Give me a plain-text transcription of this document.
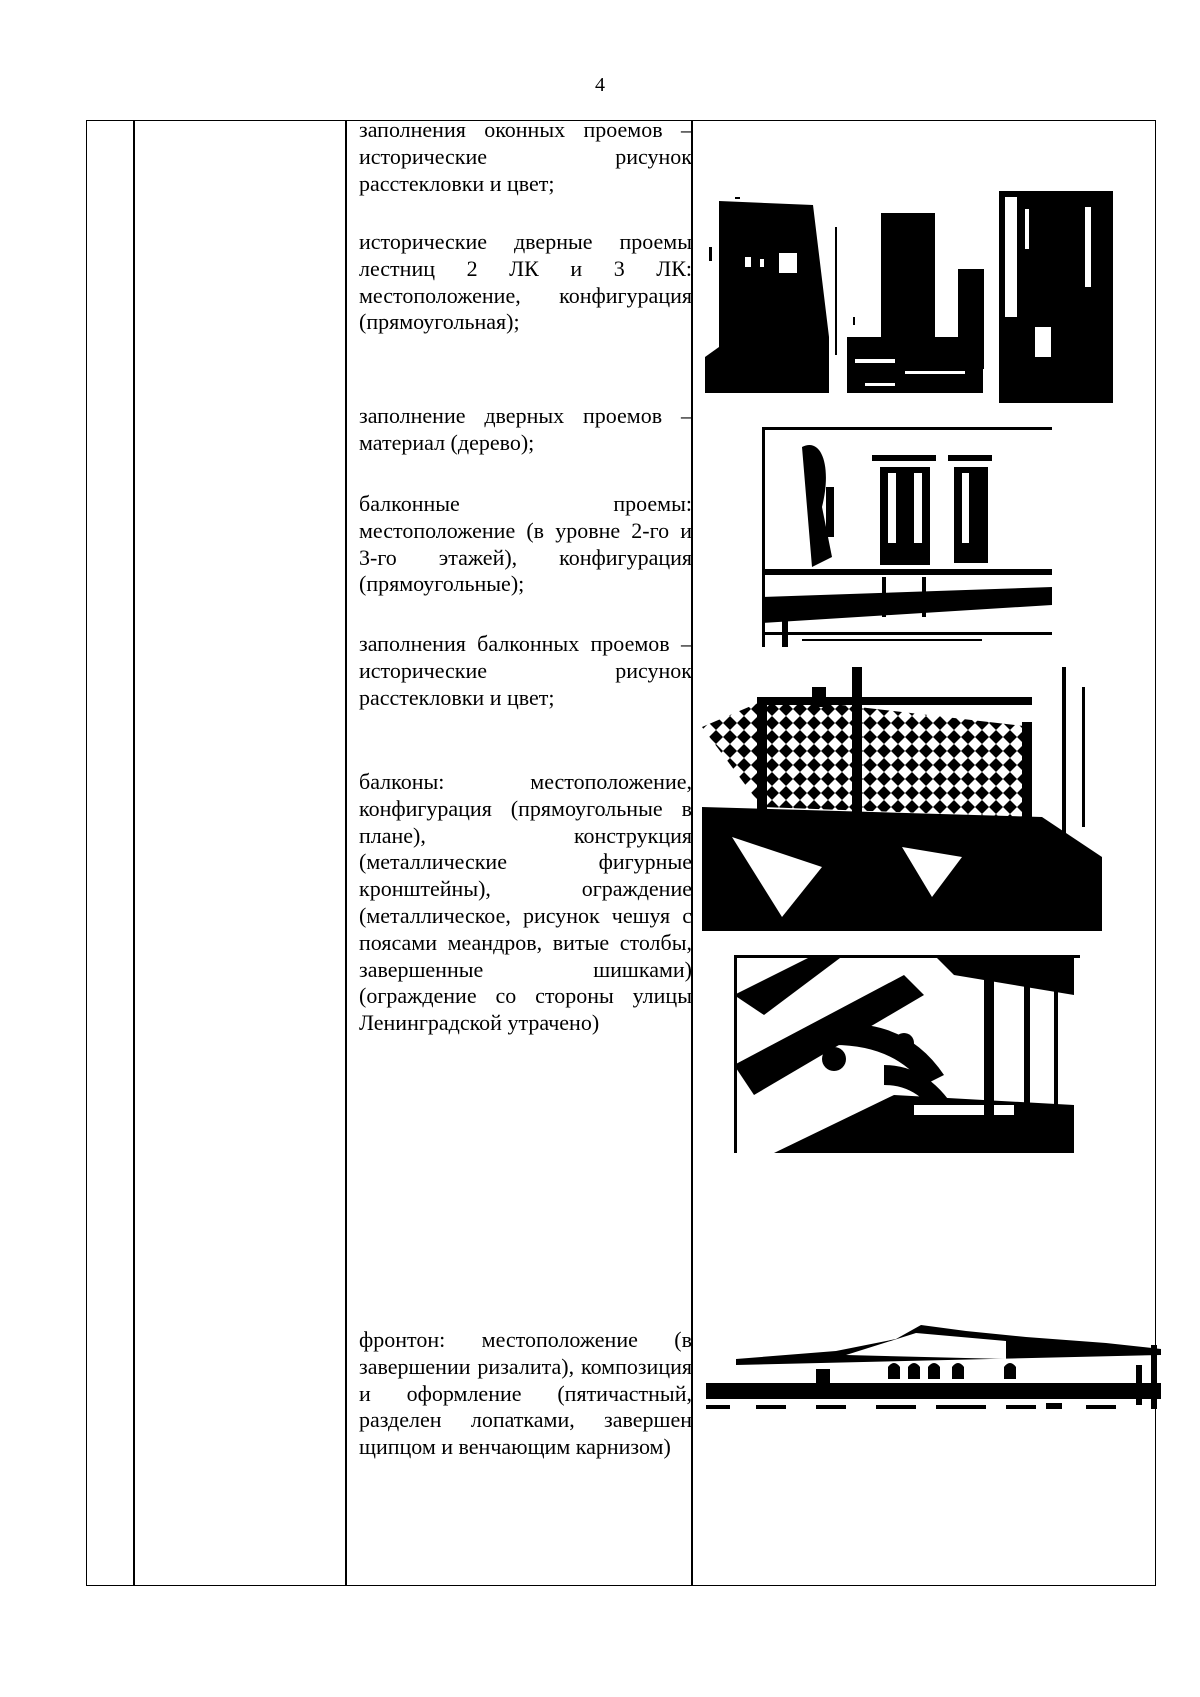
4

заполнения оконных проемов – исторические рисунок расстекловки и цвет;

исторические дверные проемы лестниц 2 ЛК и 3 ЛК: местоположение, конфигурация (прямоугольная);

заполнение дверных проемов – материал (дерево);

балконные проемы: местоположение (в уровне 2-го и 3-го этажей), конфигурация (прямоугольные);

заполнения балконных проемов – исторические рисунок расстекловки и цвет;

балконы: местоположение, конфигурация (прямоугольные в плане), конструкция (металлические фигурные кронштейны), ограждение (металлическое, рисунок чешуя с поясами меандров, витые столбы, завершенные шишками) (ограждение со стороны улицы Ленинградской утрачено)

фронтон: местоположение (в завершении ризалита), композиция и оформление (пятичастный, разделен лопатками, завершен щипцом и венчающим карнизом)
